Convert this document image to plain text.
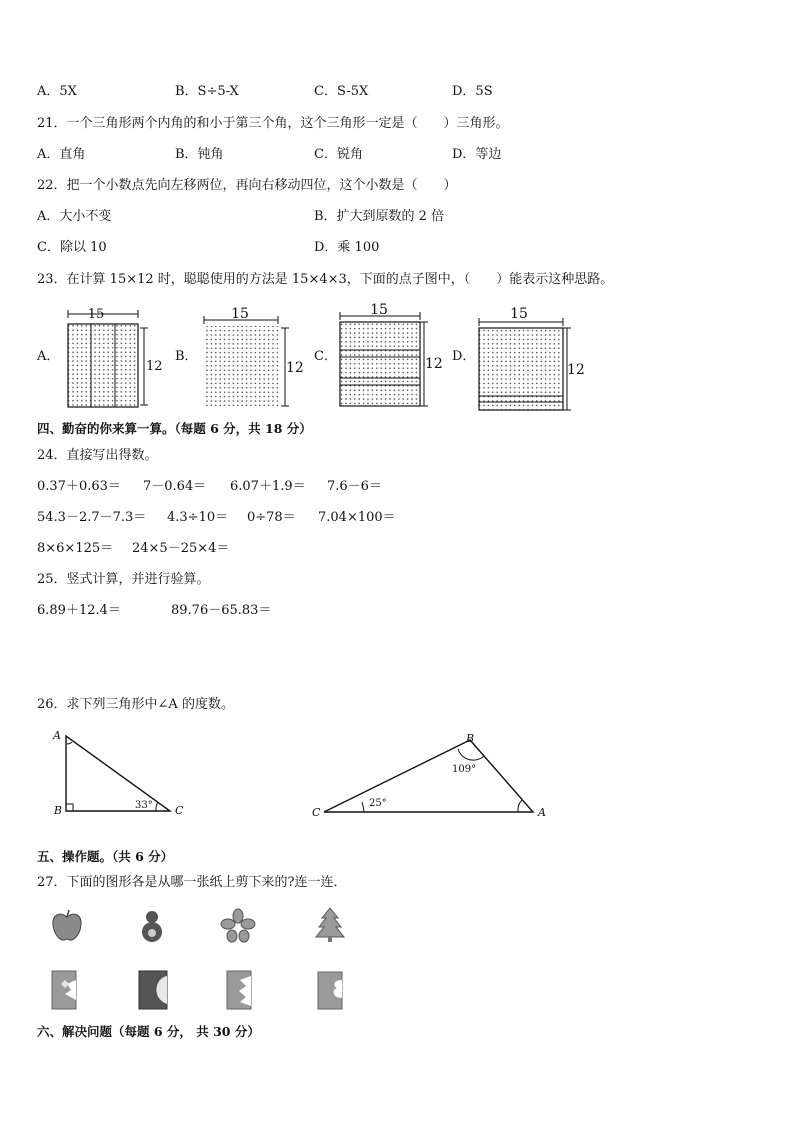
A．5X	B．S÷5-X	C．S-5X	D．5S
21．一个三角形两个内角的和小于第三个角，这个三角形一定是（　　）三角形。
A．直角	B．钝角	C．锐角	D．等边
22．把一个小数点先向左移两位，再向右移动四位，这个小数是（　　）
A．大小不变	B．扩大到原数的 2 倍
C．除以 10	D．乘 100
23．在计算 15×12 时，聪聪使用的方法是 15×4×3，下面的点子图中，（　　）能表示这种思路。
A．
15
12
B．
15
12
C．
15
12 D．
15
12
四、勤奋的你来算一算。（每题 6 分，共 18 分）
24．直接写出得数。
0.37＋0.63＝ 7－0.64＝ 6.07＋1.9＝ 7.6－6＝
54.3－2.7－7.3＝ 4.3÷10＝ 0÷78＝ 7.04×100＝
8×6×125＝ 24×5－25×4＝
25．竖式计算，并进行验算。
6.89＋12.4＝	89.76－65.83＝
26．求下列三角形中∠A 的度数。
A
B	C
33°
B
C	A
109°
25°
五、操作题。（共 6 分）
27．下面的图形各是从哪一张纸上剪下来的?连一连．
六、解决问题（每题 6 分， 共 30 分）
